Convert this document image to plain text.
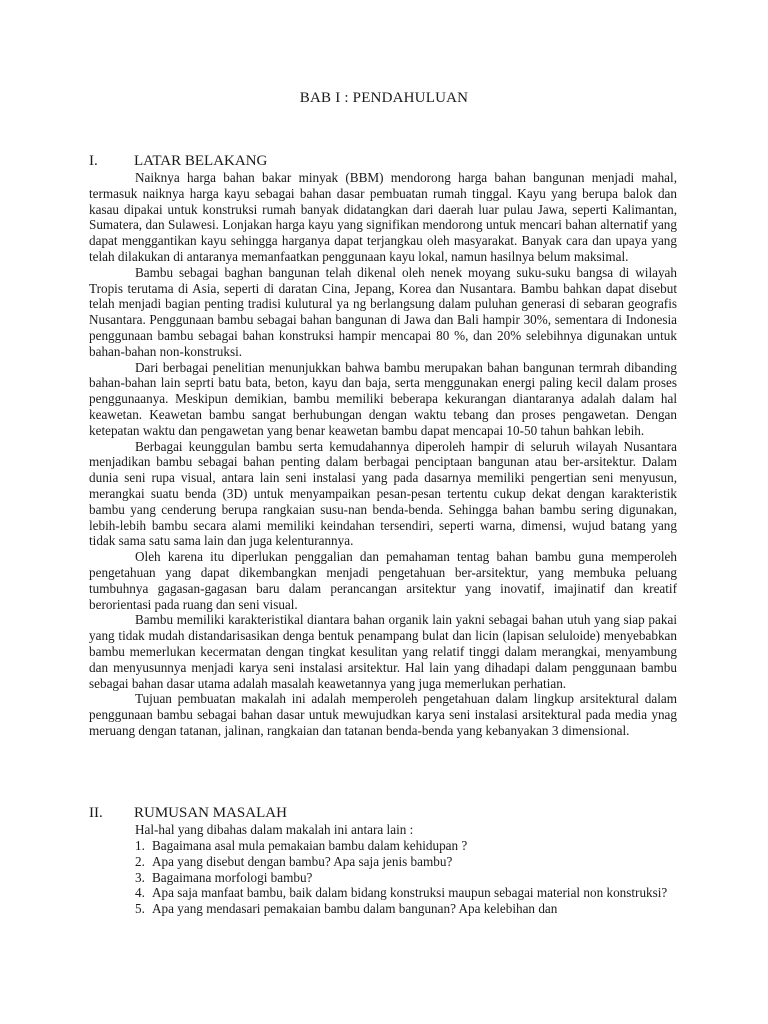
BAB I : PENDAHULUAN
I. LATAR BELAKANG

Naiknya harga bahan bakar minyak (BBM) mendorong harga bahan bangunan menjadi mahal, termasuk naiknya harga kayu sebagai bahan dasar pembuatan rumah tinggal. Kayu yang berupa balok dan kasau dipakai untuk konstruksi rumah banyak didatangkan dari daerah luar pulau Jawa, seperti Kalimantan, Sumatera, dan Sulawesi. Lonjakan harga kayu yang signifikan mendorong untuk mencari bahan alternatif yang dapat menggantikan kayu sehingga harganya dapat terjangkau oleh masyarakat. Banyak cara dan upaya yang telah dilakukan di antaranya memanfaatkan penggunaan kayu lokal, namun hasilnya belum maksimal.

Bambu sebagai baghan bangunan telah dikenal oleh nenek moyang suku-suku bangsa di wilayah Tropis terutama di Asia, seperti di daratan Cina, Jepang, Korea dan Nusantara. Bambu bahkan dapat disebut telah menjadi bagian penting tradisi kulutural ya ng berlangsung dalam puluhan generasi di sebaran geografis Nusantara. Penggunaan bambu sebagai bahan bangunan di Jawa dan Bali hampir 30%, sementara di Indonesia penggunaan bambu sebagai bahan konstruksi hampir mencapai 80 %, dan 20% selebihnya digunakan untuk bahan-bahan non-konstruksi.

Dari berbagai penelitian menunjukkan bahwa bambu merupakan bahan bangunan termrah dibanding bahan-bahan lain seprti batu bata, beton, kayu dan baja, serta menggunakan energi paling kecil dalam proses penggunaanya. Meskipun demikian, bambu memiliki beberapa kekurangan diantaranya adalah dalam hal keawetan. Keawetan bambu sangat berhubungan dengan waktu tebang dan proses pengawetan. Dengan ketepatan waktu dan pengawetan yang benar keawetan bambu dapat mencapai 10-50 tahun bahkan lebih.

Berbagai keunggulan bambu serta kemudahannya diperoleh hampir di seluruh wilayah Nusantara menjadikan bambu sebagai bahan penting dalam berbagai penciptaan bangunan atau ber-arsitektur. Dalam dunia seni rupa visual, antara lain seni instalasi yang pada dasarnya memiliki pengertian seni menyusun, merangkai suatu benda (3D) untuk menyampaikan pesan-pesan tertentu cukup dekat dengan karakteristik bambu yang cenderung berupa rangkaian susu-nan benda-benda. Sehingga bahan bambu sering digunakan, lebih-lebih bambu secara alami memiliki keindahan tersendiri, seperti warna, dimensi, wujud batang yang tidak sama satu sama lain dan juga kelenturannya.

Oleh karena itu diperlukan penggalian dan pemahaman tentag bahan bambu guna memperoleh pengetahuan yang dapat dikembangkan menjadi pengetahuan ber-arsitektur, yang membuka peluang tumbuhnya gagasan-gagasan baru dalam perancangan arsitektur yang inovatif, imajinatif dan kreatif berorientasi pada ruang dan seni visual.

Bambu memiliki karakteristikal diantara bahan organik lain yakni sebagai bahan utuh yang siap pakai yang tidak mudah distandarisasikan denga bentuk penampang bulat dan licin (lapisan seluloide) menyebabkan bambu memerlukan kecermatan dengan tingkat kesulitan yang relatif tinggi dalam merangkai, menyambung dan menyusunnya menjadi karya seni instalasi arsitektur. Hal lain yang dihadapi dalam penggunaan bambu sebagai bahan dasar utama adalah masalah keawetannya yang juga memerlukan perhatian.

Tujuan pembuatan makalah ini adalah memperoleh pengetahuan dalam lingkup arsitektural dalam penggunaan bambu sebagai bahan dasar untuk mewujudkan karya seni instalasi arsitektural pada media ynag meruang dengan tatanan, jalinan, rangkaian dan tatanan benda-benda yang kebanyakan 3 dimensional.

II. RUMUSAN MASALAH
Hal-hal yang dibahas dalam makalah ini antara lain :
1. Bagaimana asal mula pemakaian bambu dalam kehidupan ?
2. Apa yang disebut dengan bambu? Apa saja jenis bambu?
3. Bagaimana morfologi bambu?
4. Apa saja manfaat bambu, baik dalam bidang konstruksi maupun sebagai material non konstruksi?
5. Apa yang mendasari pemakaian bambu dalam bangunan? Apa kelebihan dan
